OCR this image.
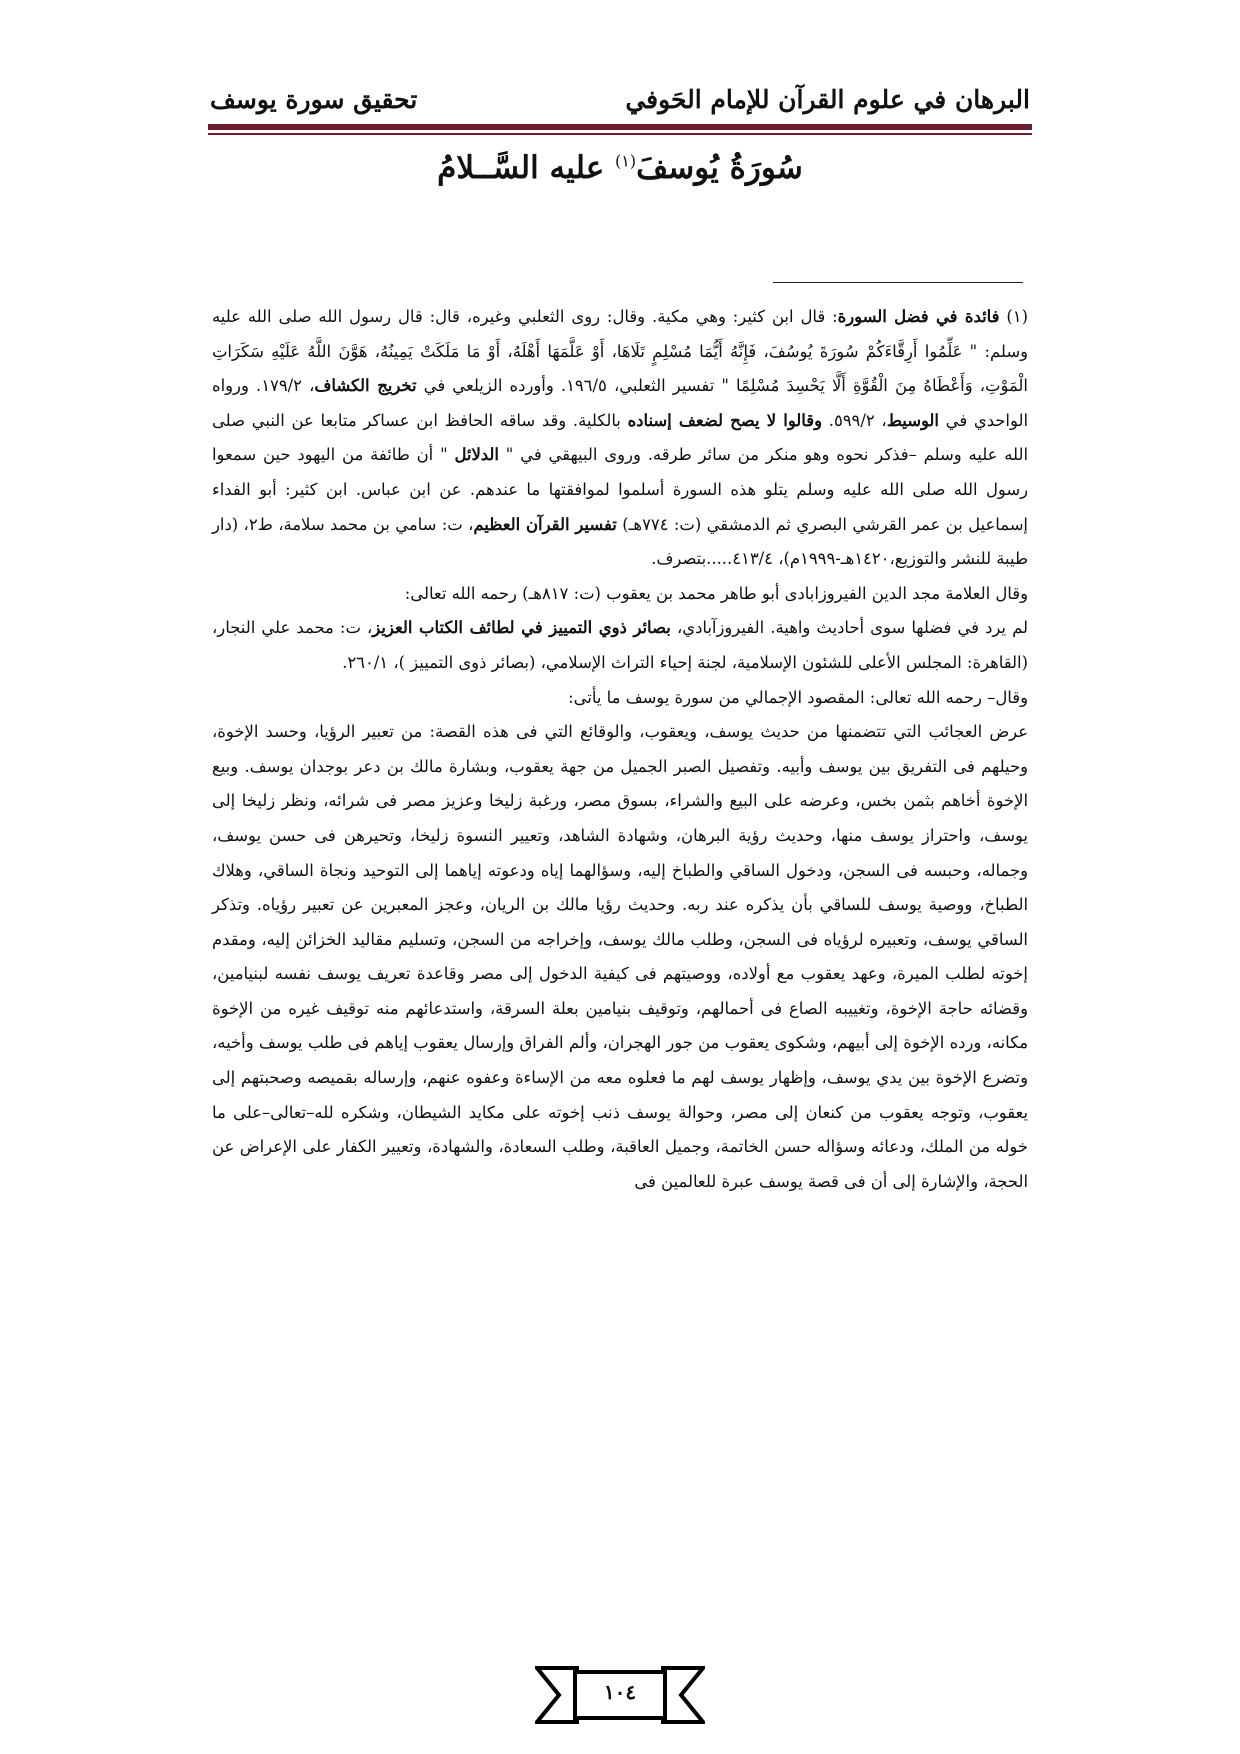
البرهان في علوم القرآن للإمام الحَوفي
تحقيق سورة يوسف
سُورَةُ يُوسفَ$^{(١)}$ عليه السَّــلامُ

(١) فائدة في فضل السورة: قال ابن كثير: وهي مكية. وقال: روى الثعلبي وغيره، قال: قال رسول الله صلى الله عليه وسلم: " عَلِّمُوا أَرِقَّاءَكُمْ سُورَةَ يُوسُفَ، فَإِنَّهُ أَيُّمَا مُسْلِمٍ تَلَاهَا، أَوْ عَلَّمَهَا أَهْلَهُ، أَوْ مَا مَلَكَتْ يَمِينُهُ، هَوَّنَ اللَّهُ عَلَيْهِ سَكَرَاتِ الْمَوْتِ، وَأَعْطَاهُ مِنَ الْقُوَّةِ أَلَّا يَحْسِدَ مُسْلِمًا " تفسير الثعلبي، ١٩٦/٥. وأورده الزيلعي في تخريج الكشاف، ١٧٩/٢. ورواه الواحدي في الوسيط، ٥٩٩/٢. وقالوا لا يصح لضعف إسناده بالكلية. وقد ساقه الحافظ ابن عساكر متابعا عن النبي صلى الله عليه وسلم –فذكر نحوه وهو منكر من سائر طرقه. وروى البيهقي في " الدلائل " أن طائفة من اليهود حين سمعوا رسول الله صلى الله عليه وسلم يتلو هذه السورة أسلموا لموافقتها ما عندهم. عن ابن عباس. ابن كثير: أبو الفداء إسماعيل بن عمر القرشي البصري ثم الدمشقي (ت: ٧٧٤هـ) تفسير القرآن العظيم، ت: سامي بن محمد سلامة، ط٢، (دار طيبة للنشر والتوزيع،١٤٢٠هـ-١٩٩٩م)، ٤١٣/٤.....بتصرف.

وقال العلامة مجد الدين الفيروزابادى أبو طاهر محمد بن يعقوب (ت: ٨١٧هـ) رحمه الله تعالى:

لم يرد في فضلها سوى أحاديث واهية. الفيروزآبادي، بصائر ذوي التمييز في لطائف الكتاب العزيز، ت: محمد علي النجار، (القاهرة: المجلس الأعلى للشئون الإسلامية، لجنة إحياء التراث الإسلامي، (بصائر ذوى التمييز )، ٢٦٠/١.

وقال– رحمه الله تعالى: المقصود الإجمالي من سورة يوسف ما يأتى:

عرض العجائب التي تتضمنها من حديث يوسف، ويعقوب، والوقائع التي فى هذه القصة: من تعبير الرؤيا، وحسد الإخوة، وحيلهم فى التفريق بين يوسف وأبيه. وتفصيل الصبر الجميل من جهة يعقوب، وبشارة مالك بن دعر بوجدان يوسف. وبيع الإخوة أخاهم بثمن بخس، وعرضه على البيع والشراء، بسوق مصر، ورغبة زليخا وعزيز مصر فى شرائه، ونظر زليخا إلى يوسف، واحتراز يوسف منها، وحديث رؤية البرهان، وشهادة الشاهد، وتعيير النسوة زليخا، وتحيرهن فى حسن يوسف، وجماله، وحبسه فى السجن، ودخول الساقي والطباخ إليه، وسؤالهما إياه ودعوته إياهما إلى التوحيد ونجاة الساقي، وهلاك الطباخ، ووصية يوسف للساقي بأن يذكره عند ربه. وحديث رؤيا مالك بن الريان، وعجز المعبرين عن تعبير رؤياه. وتذكر الساقي يوسف، وتعبيره لرؤياه فى السجن، وطلب مالك يوسف، وإخراجه من السجن، وتسليم مقاليد الخزائن إليه، ومقدم إخوته لطلب الميرة، وعهد يعقوب مع أولاده، ووصيتهم فى كيفية الدخول إلى مصر وقاعدة تعريف يوسف نفسه لبنيامين، وقضائه حاجة الإخوة، وتغييبه الصاع فى أحمالهم، وتوقيف بنيامين بعلة السرقة، واستدعائهم منه توقيف غيره من الإخوة مكانه، ورده الإخوة إلى أبيهم، وشكوى يعقوب من جور الهجران، وألم الفراق وإرسال يعقوب إياهم فى طلب يوسف وأخيه، وتضرع الإخوة بين يدي يوسف، وإظهار يوسف لهم ما فعلوه معه من الإساءة وعفوه عنهم، وإرساله بقميصه وصحبتهم إلى يعقوب، وتوجه يعقوب من كنعان إلى مصر، وحوالة يوسف ذنب إخوته على مكايد الشيطان، وشكره لله–تعالى–على ما خوله من الملك، ودعائه وسؤاله حسن الخاتمة، وجميل العاقبة، وطلب السعادة، والشهادة، وتعيير الكفار على الإعراض عن الحجة، والإشارة إلى أن فى قصة يوسف عبرة للعالمين فى

١٠٤
